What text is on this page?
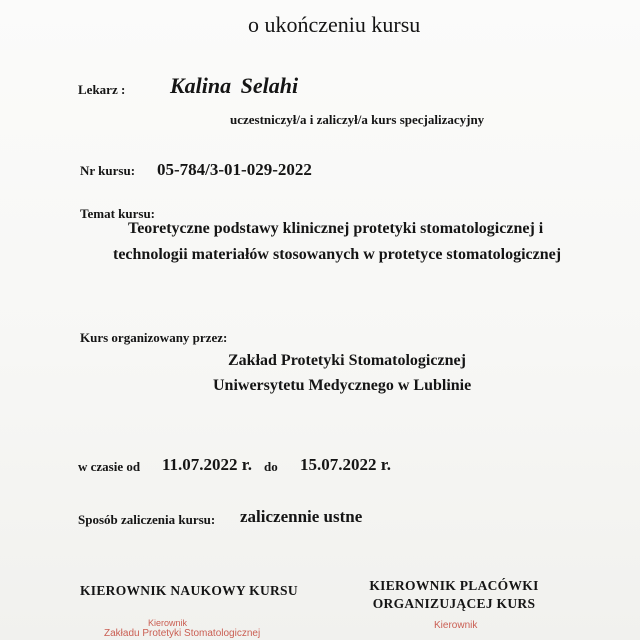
o ukończeniu kursu
Lekarz : Kalina Selahi
uczestniczył/a i zaliczył/a kurs specjalizacyjny
Nr kursu: 05-784/3-01-029-2022
Temat kursu:
Teoretyczne podstawy klinicznej protetyki stomatologicznej i
technologii materiałów stosowanych w protetyce stomatologicznej
Kurs organizowany przez:
Zakład Protetyki Stomatologicznej
Uniwersytetu Medycznego w Lublinie
w czasie od 11.07.2022 r. do 15.07.2022 r.
Sposób zaliczenia kursu: zaliczennie ustne
KIEROWNIK NAUKOWY KURSU	KIEROWNIK PLACÓWKI
ORGANIZUJĄCEJ KURS
Kierownik
Zakładu Protetyki Stomatologicznej
Kierownik
